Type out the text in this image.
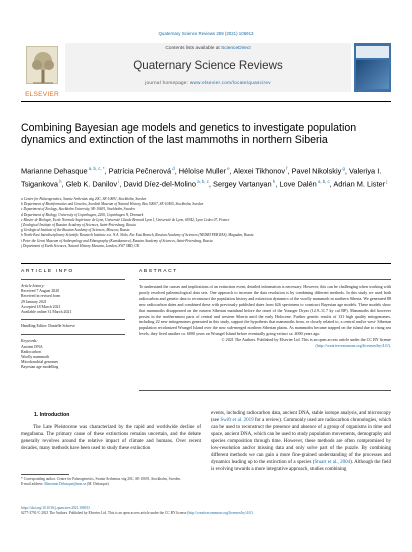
Quaternary Science Reviews 259 (2021) 106913
ELSEVIER
Contents lists available at ScienceDirect
Quaternary Science Reviews
journal homepage: www.elsevier.com/locate/quascirev
Combining Bayesian age models and genetics to investigate population dynamics and extinction of the last mammoths in northern Siberia
Marianne Dehasque $^{a, b, c, *}$, Patrícia Pečnerová $^d$, Héloïse Muller $^e$, Alexei Tikhonov $^f$, Pavel Nikolskiy $^g$, Valeriya I. Tsigankova $^h$, Gleb K. Danilov $^i$, David Díez-del-Molino $^{a, b, c}$, Sergey Vartanyan $^h$, Love Dalén $^{a, b, c}$, Adrian M. Lister $^j$
a Centre for Palaeogenetics, Svante Arrhenius väg 20C, SE-10691, Stockholm, Sweden
b Department of Bioinformatics and Genetics, Swedish Museum of Natural History, Box 50007, SE-10405, Stockholm, Sweden
c Department of Zoology, Stockholm University, SE-10691, Stockholm, Sweden
d Department of Biology, University of Copenhagen, 2200, Copenhagen N, Denmark
e Master de Biologie, Ecole Normale Supérieure de Lyon, Université Claude Bernard Lyon I, Université de Lyon, 69342, Lyon Cedex 07, France
f Zoological Institute of Russian Academy of Sciences, Saint-Petersburg, Russia
g Geological Institute of the Russian Academy of Sciences, Moscow, Russia
h North-East Interdisciplinary Scientific Research Institute n.a. N.A. Shilo, Far East Branch, Russian Academy of Sciences (NEISRI FEB RAS), Magadan, Russia
i Peter the Great Museum of Anthropology and Ethnography (Kunstkamera), Russian Academy of Sciences, Saint-Petersburg, Russia
j Department of Earth Sciences, Natural History Museum, London, SW7 5BD, UK
ARTICLE INFO	ABSTRACT
Article history:
Received 7 August 2020
Received in revised form
29 January 2021
Accepted 18 March 2021
Available online 31 March 2021
Handling Editor: Danielle Schreve
Keywords:
Ancient DNA
Radiocarbon
Woolly mammoth
Mitochondrial genomes
Bayesian age modelling
To understand the causes and implications of an extinction event, detailed information is necessary. However, this can be challenging when working with poorly resolved paleontological data sets. One approach to increase the data resolution is by combining different methods. In this study we used both radiocarbon and genetic data to reconstruct the population history and extinction dynamics of the woolly mammoth in northern Siberia. We generated 88 new radiocarbon dates and combined these with previously published dates from 626 specimens to construct Bayesian age models. These models show that mammoths disappeared on the eastern Siberian mainland before the onset of the Younger Dryas (12.9–11.7 ky cal BP). Mammoths did however persist in the northernmost parts of central and western Siberia until the early Holocene. Further genetic results of 131 high quality mitogenomes, including 22 new mitogenomes generated in this study, support the hypothesis that mammoths from, or closely related to, a central and/or west- Siberian population recolonized Wrangel Island over the now sub-merged northern Siberian plains. As mammoths became trapped on the island due to rising sea levels, they lived another ca. 6000 years on Wrangel Island before eventually going extinct ca. 4000 years ago.
© 2021 The Authors. Published by Elsevier Ltd. This is an open access article under the CC BY license
(http://creativecommons.org/licenses/by/4.0/).
1. Introduction
The Late Pleistocene was characterized by the rapid and worldwide decline of megafauna. The primary cause of these extinctions remains uncertain, and the debate generally revolves around the relative impact of climate and humans. Over recent decades, many methods have been used to study these extinction
events, including radiocarbon data, ancient DNA, stable isotope analysis, and microscopy (see Swift et al. 2019 for a review). Commonly used are radiocarbon chronologies, which can be used to reconstruct the presence and absence of a group of organisms in time and space, ancient DNA, which can be used to study population movements, demography and species composition through time. However, these methods are often compromised by low-resolution and/or missing data and only solve part of the puzzle. By combining different methods we can gain a more fine-grained understanding of the processes and dynamics leading up to the extinction of a species (Stuart et al., 2004). Although the field is evolving towards a more integrative approach, studies combining
* Corresponding author. Centre for Palaeogenetics, Svante Arrhenius väg 20C, SE-10691, Stockholm, Sweden.
E-mail address: Marianne.Dehasque@nrm.se (M. Dehasque).
https://doi.org/10.1016/j.quascirev.2021.106913
0277-3791/© 2021 The Authors. Published by Elsevier Ltd. This is an open access article under the CC BY license (http://creativecommons.org/licenses/by/4.0/).
